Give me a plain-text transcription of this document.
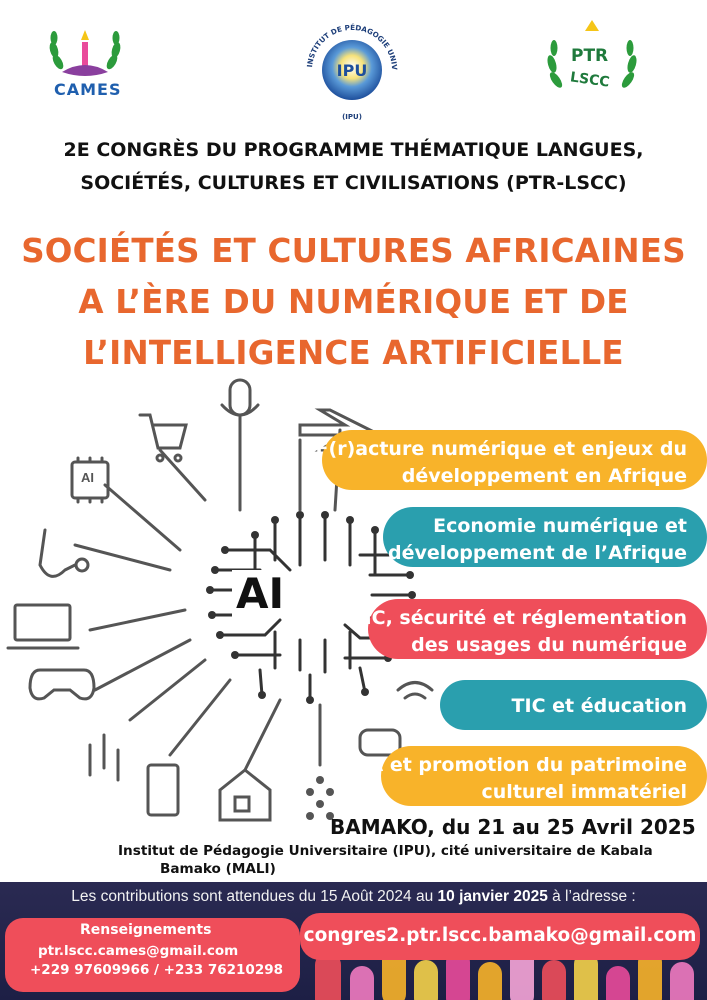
CAMES
INSTITUT DE PÉDAGOGIE UNIV
(IPU)
IPU
PTR
LSCC
2E CONGRÈS DU PROGRAMME THÉMATIQUE LANGUES,
SOCIÉTÉS, CULTURES ET CIVILISATIONS (PTR-LSCC)
SOCIÉTÉS ET CULTURES AFRICAINES
A L’ÈRE DU NUMÉRIQUE ET DE
L’INTELLIGENCE ARTIFICIELLE
AI
AI
F(r)acture numérique et enjeux du
développement en Afrique
Economie numérique et
développement de l’Afrique
TIC, sécurité et réglementation
des usages du numérique
TIC et éducation
IA et promotion du patrimoine
culturel immatériel
BAMAKO, du 21 au 25 Avril 2025
Institut de Pédagogie Universitaire (IPU), cité universitaire de Kabala
Bamako (MALI)
Les contributions sont attendues du 15 Août 2024 au 10 janvier 2025 à l’adresse :
congres2.ptr.lscc.bamako@gmail.com
Renseignements
ptr.lscc.cames@gmail.com
+229 97609966 / +233 76210298
